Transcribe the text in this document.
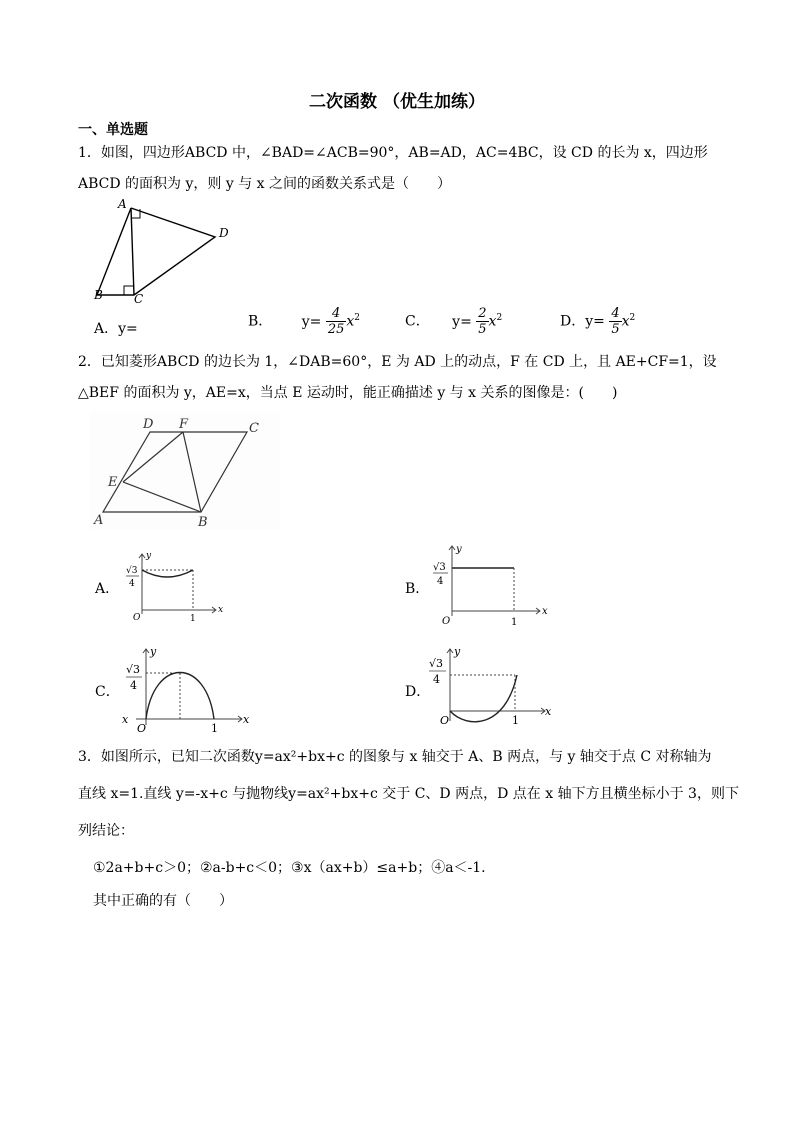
二次函数 （优生加练）
一、单选题
1．如图，四边形ABCD 中，∠BAD=∠ACB=90°，AB=AD，AC=4BC，设 CD 的长为 x，四边形
ABCD 的面积为 y，则 y 与 x 之间的函数关系式是（　　）
A
D
B	C
A．y=	B． $y= \frac{4}{25} x^2$	C． $y= \frac{2}{5} x^2$	D．$y= \frac{4}{5} x^2$
2．已知菱形ABCD 的边长为 1，∠DAB=60°，E 为 AD 上的动点，F 在 CD 上，且 AE+CF=1，设
△BEF 的面积为 y，AE=x，当点 E 运动时，能正确描述 y 与 x 关系的图像是：(　　)
D F	C
E
A	B
A．
y
x
O	1
√3
4	B．
y
x
O	1
√3
4
C．
y
x
x
O	1
√3
4	D．
y
x
O	1
√3
4
3．如图所示，已知二次函数y=ax²+bx+c 的图象与 x 轴交于 A、B 两点，与 y 轴交于点 C 对称轴为
直线 x=1.直线 y=-x+c 与抛物线y=ax²+bx+c 交于 C、D 两点，D 点在 x 轴下方且横坐标小于 3，则下
列结论：
①2a+b+c＞0；②a-b+c＜0；③x（ax+b）≤a+b；④a＜-1.
其中正确的有（　　）
